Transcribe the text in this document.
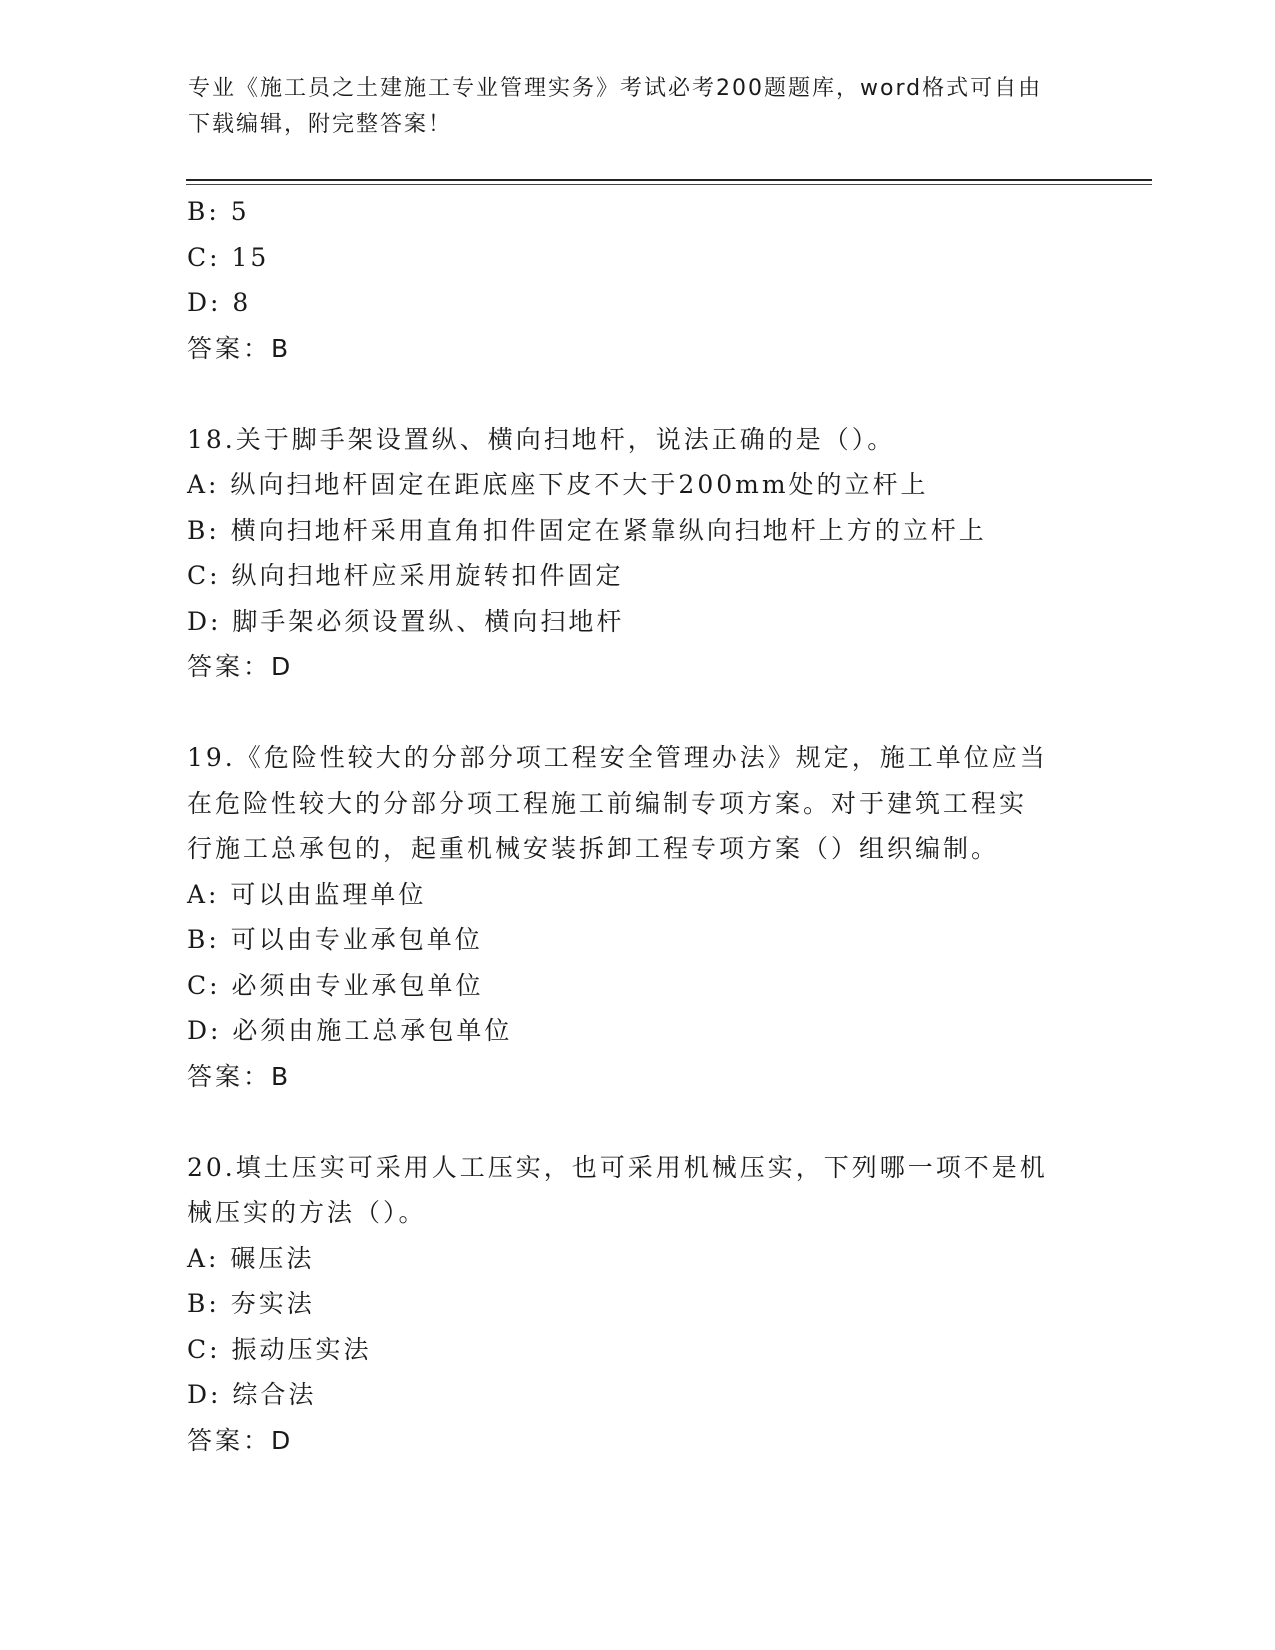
专业《施工员之土建施工专业管理实务》考试必考200题题库，word格式可自由
下载编辑，附完整答案！
B: 5
C: 15
D: 8
答案：B
18.关于脚手架设置纵、横向扫地杆，说法正确的是（）。
A: 纵向扫地杆固定在距底座下皮不大于200mm处的立杆上
B: 横向扫地杆采用直角扣件固定在紧靠纵向扫地杆上方的立杆上
C: 纵向扫地杆应采用旋转扣件固定
D: 脚手架必须设置纵、横向扫地杆
答案：D
19.《危险性较大的分部分项工程安全管理办法》规定，施工单位应当
在危险性较大的分部分项工程施工前编制专项方案。对于建筑工程实
行施工总承包的，起重机械安装拆卸工程专项方案（）组织编制。
A: 可以由监理单位
B: 可以由专业承包单位
C: 必须由专业承包单位
D: 必须由施工总承包单位
答案：B
20.填土压实可采用人工压实，也可采用机械压实，下列哪一项不是机
械压实的方法（）。
A: 碾压法
B: 夯实法
C: 振动压实法
D: 综合法
答案：D
